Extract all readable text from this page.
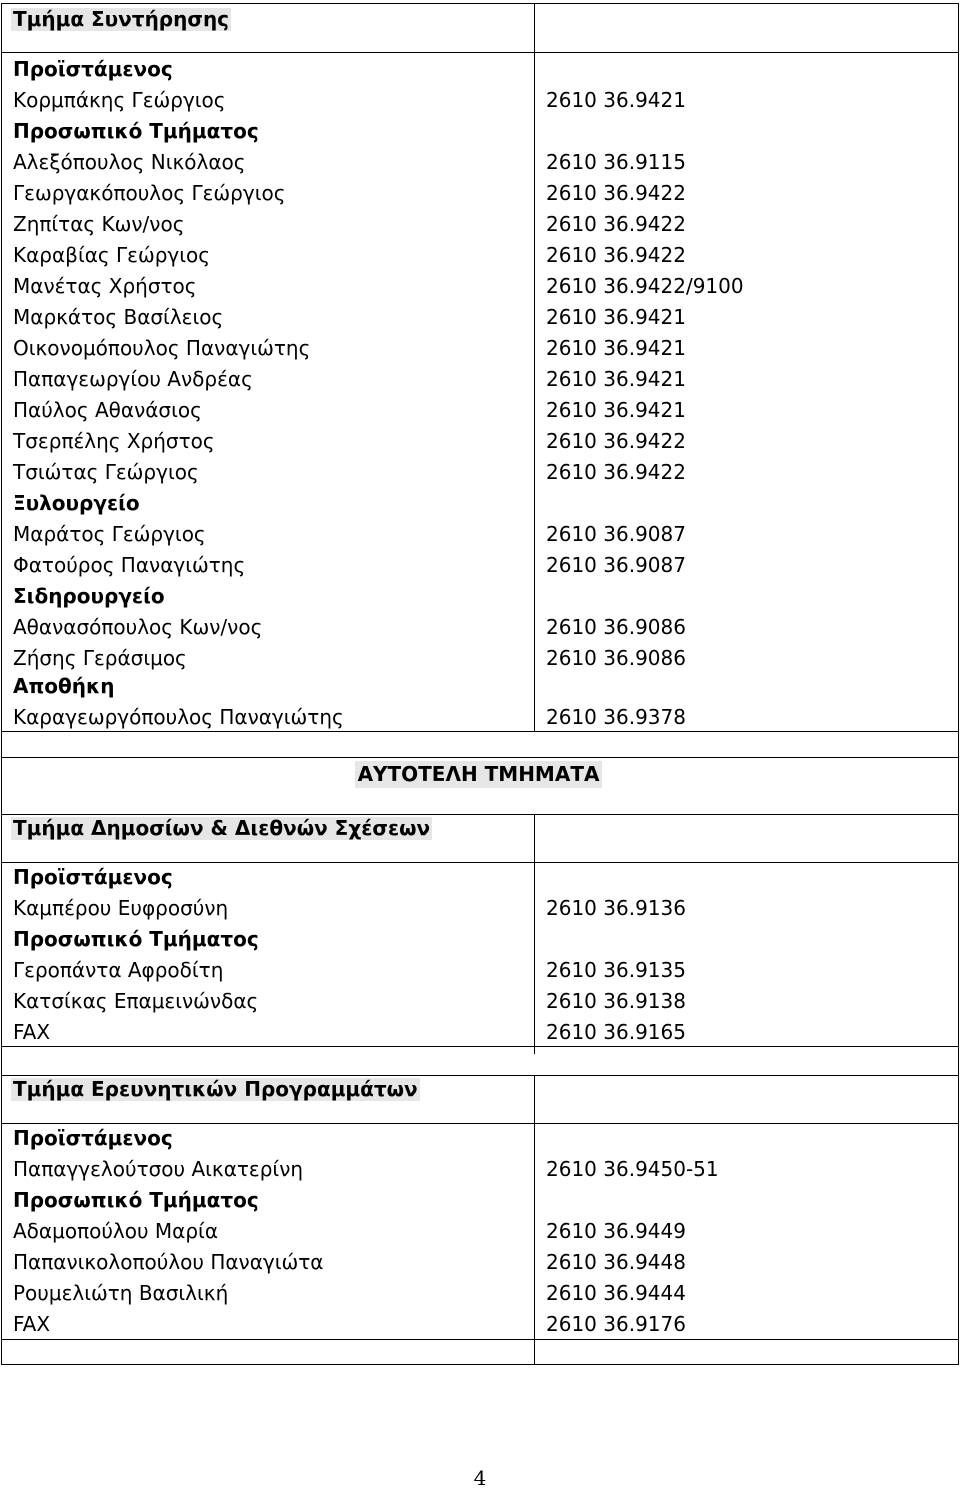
Τμήμα Συντήρησης
Προϊστάμενος
Κορμπάκης Γεώργιος	2610 36.9421
Προσωπικό Τμήματος
Αλεξόπουλος Νικόλαος	2610 36.9115
Γεωργακόπουλος Γεώργιος	2610 36.9422
Ζηπίτας Κων/νος	2610 36.9422
Καραβίας Γεώργιος	2610 36.9422
Μανέτας Χρήστος	2610 36.9422/9100
Μαρκάτος Βασίλειος	2610 36.9421
Οικονομόπουλος Παναγιώτης	2610 36.9421
Παπαγεωργίου Ανδρέας	2610 36.9421
Παύλος Αθανάσιος	2610 36.9421
Τσερπέλης Χρήστος	2610 36.9422
Τσιώτας Γεώργιος	2610 36.9422
Ξυλουργείο
Μαράτος Γεώργιος	2610 36.9087
Φατούρος Παναγιώτης	2610 36.9087
Σιδηρουργείο
Αθανασόπουλος Κων/νος	2610 36.9086
Ζήσης Γεράσιμος	2610 36.9086
Αποθήκη
Καραγεωργόπουλος Παναγιώτης	2610 36.9378
ΑΥΤΟΤΕΛΗ ΤΜΗΜΑΤΑ
Τμήμα Δημοσίων & Διεθνών Σχέσεων
Προϊστάμενος
Καμπέρου Ευφροσύνη	2610 36.9136
Προσωπικό Τμήματος
Γεροπάντα Αφροδίτη	2610 36.9135
Κατσίκας Επαμεινώνδας	2610 36.9138
FAX	2610 36.9165
Τμήμα Ερευνητικών Προγραμμάτων
Προϊστάμενος
Παπαγγελούτσου Αικατερίνη	2610 36.9450-51
Προσωπικό Τμήματος
Αδαμοπούλου Μαρία	2610 36.9449
Παπανικολοπούλου Παναγιώτα	2610 36.9448
Ρουμελιώτη Βασιλική	2610 36.9444
FAX	2610 36.9176
4
